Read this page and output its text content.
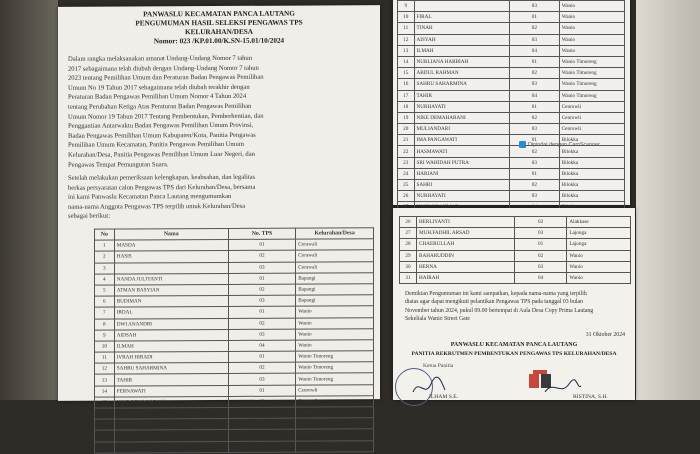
PANWASLU KECAMATAN PANCA LAUTANG
PENGUMUMAN HASIL SELEKSI PENGAWAS TPS
KELURAHAN/DESA
Nomor: 023 /KP.01.00/K.SN-15.01/10/2024
Dalam rangka melaksanakan amanat Undang-Undang Nomor 7 tahun
2017 sebagaimana telah diubah dengan Undang-Undang Nomor 7 tahun
2023 tentang Pemilihan Umum dan Peraturan Badan Pengawas Pemilihan
Umum No 19 Tahun 2017 sebagaimana telah diubah terakhir dengan
Peraturan Badan Pengawas Pemilihan Umum Nomor 4 Tahun 2024
tentang Perubahan Ketiga Atas Peraturan Badan Pengawas Pemilihan
Umum Nomor 19 Tahun 2017 Tentang Pembentukan, Pemberhentian, dan
Penggantian Antarwaktu Badan Pengawas Pemilihan Umum Provinsi,
Badan Pengawas Pemilihan Umum Kabupaten/Kota, Panitia Pengawas
Pemilihan Umum Kecamatan, Panitia Pengawas Pemilihan Umum
Kelurahan/Desa, Panitia Pengawas Pemilihan Umum Luar Negeri, dan
Pengawas Tempat Pemungutan Suara.
Setelah melakukan pemeriksaan kelengkapan, keabsahan, dan legalitas
berkas persyaratan calon Pengawas TPS dari Kelurahan/Desa, bersama
ini kami Panwaslu Kecamatan Panca Lautang mengumumkan
nama-nama Anggota Pengawas TPS terpilih untuk Kelurahan/Desa
sebagai berikut:
No	Nama	No. TPS	Kelurahan/Desa
1	MASDA	01	Corawali
2	HASIS	02	Corawali
3		03	Corawali
4	NANDA JULIYANTI	01	Bapangi
5	ATMAN BASYIAN	02	Bapangi
6	BUDIMAN	03	Bapangi
7	IRDAL	01	Wanio
8	DWI ANANDRI	02	Wanio
9	AIDSAH	03	Wanio
10	ILMAH	04	Wanio
11	IVRAH HIRADI	01	Wanio Timoreng
12	SAHRU SAHARMINA	02	Wanio Timoreng
13	TAHIR	03	Wanio Timoreng
14	FERNAWATI	01	Cenrowli
15	NIKE DEMAHARANI	02	Cenrowli
16	MULIANDARI	03	Cenrowli
17	IMA PANGAWATI	01	Bilokka
18	HASMAWATI	02	Bilokka
19	SRI WAHIDAH PUTRA	03	Bilokka
9		03	Wanio
10	FIRAL	01	Wanio
11	TINAH	02	Wanio
12	AISYAH	03	Wanio
13	ILMAH	04	Wanio
14	NURLIANA HARBIAH	01	Wanio Timoreng
15	ABDUL RAHMAN	02	Wanio Timoreng
16	SAHRU SAHARMINA	03	Wanio Timoreng
17	TAHIR	04	Wanio Timoreng
18	NURHAYATI	01	Cenrowli
19	NIKE DEMAHARANI	02	Cenrowli
20	MULIANDARI	03	Cenrowli
21	IMA PANGAWATI	01	Bilokka
22	HASMAWATI	02	Bilokka
23	SRI WAHIDAH PUTRA	03	Bilokka
24	HARIANI	01	Bilokka
25	SAHRI	02	Bilokka
26	NURHAYATI	03	Bilokka

Dipindai dengan CamScanner
26	HERLIYANTI	02	Alakkase
27	MUH.FADHIL ARSAD	03	Lajonga
28	CHAERULLAH	01	Lajonga
29	BAHARUDDIN	02	Wanio
30	HERNA	03	Wanio
31	HAIRAH	04	Wanio
Demikian Pengumuman ini kami sampaikan, kepada nama-nama yang terpilih
diatas agar dapat mengikuti pelantikan Pengawas TPS pada tanggal 03 bulan
November tahun 2024, pukul 09.00 bertempat di Aula Desa Copy Prima Lautang
Sekeliala Wanio Street Gate
31 Oktober 2024
PANWASLU KECAMATAN PANCA LAUTANG
PANITIA REKRUTMEN PEMBENTUKAN PENGAWAS TPS KELURAHAN/DESA
Ketua Panitia
ILHAM S.E.	RISTINA, S.H.
